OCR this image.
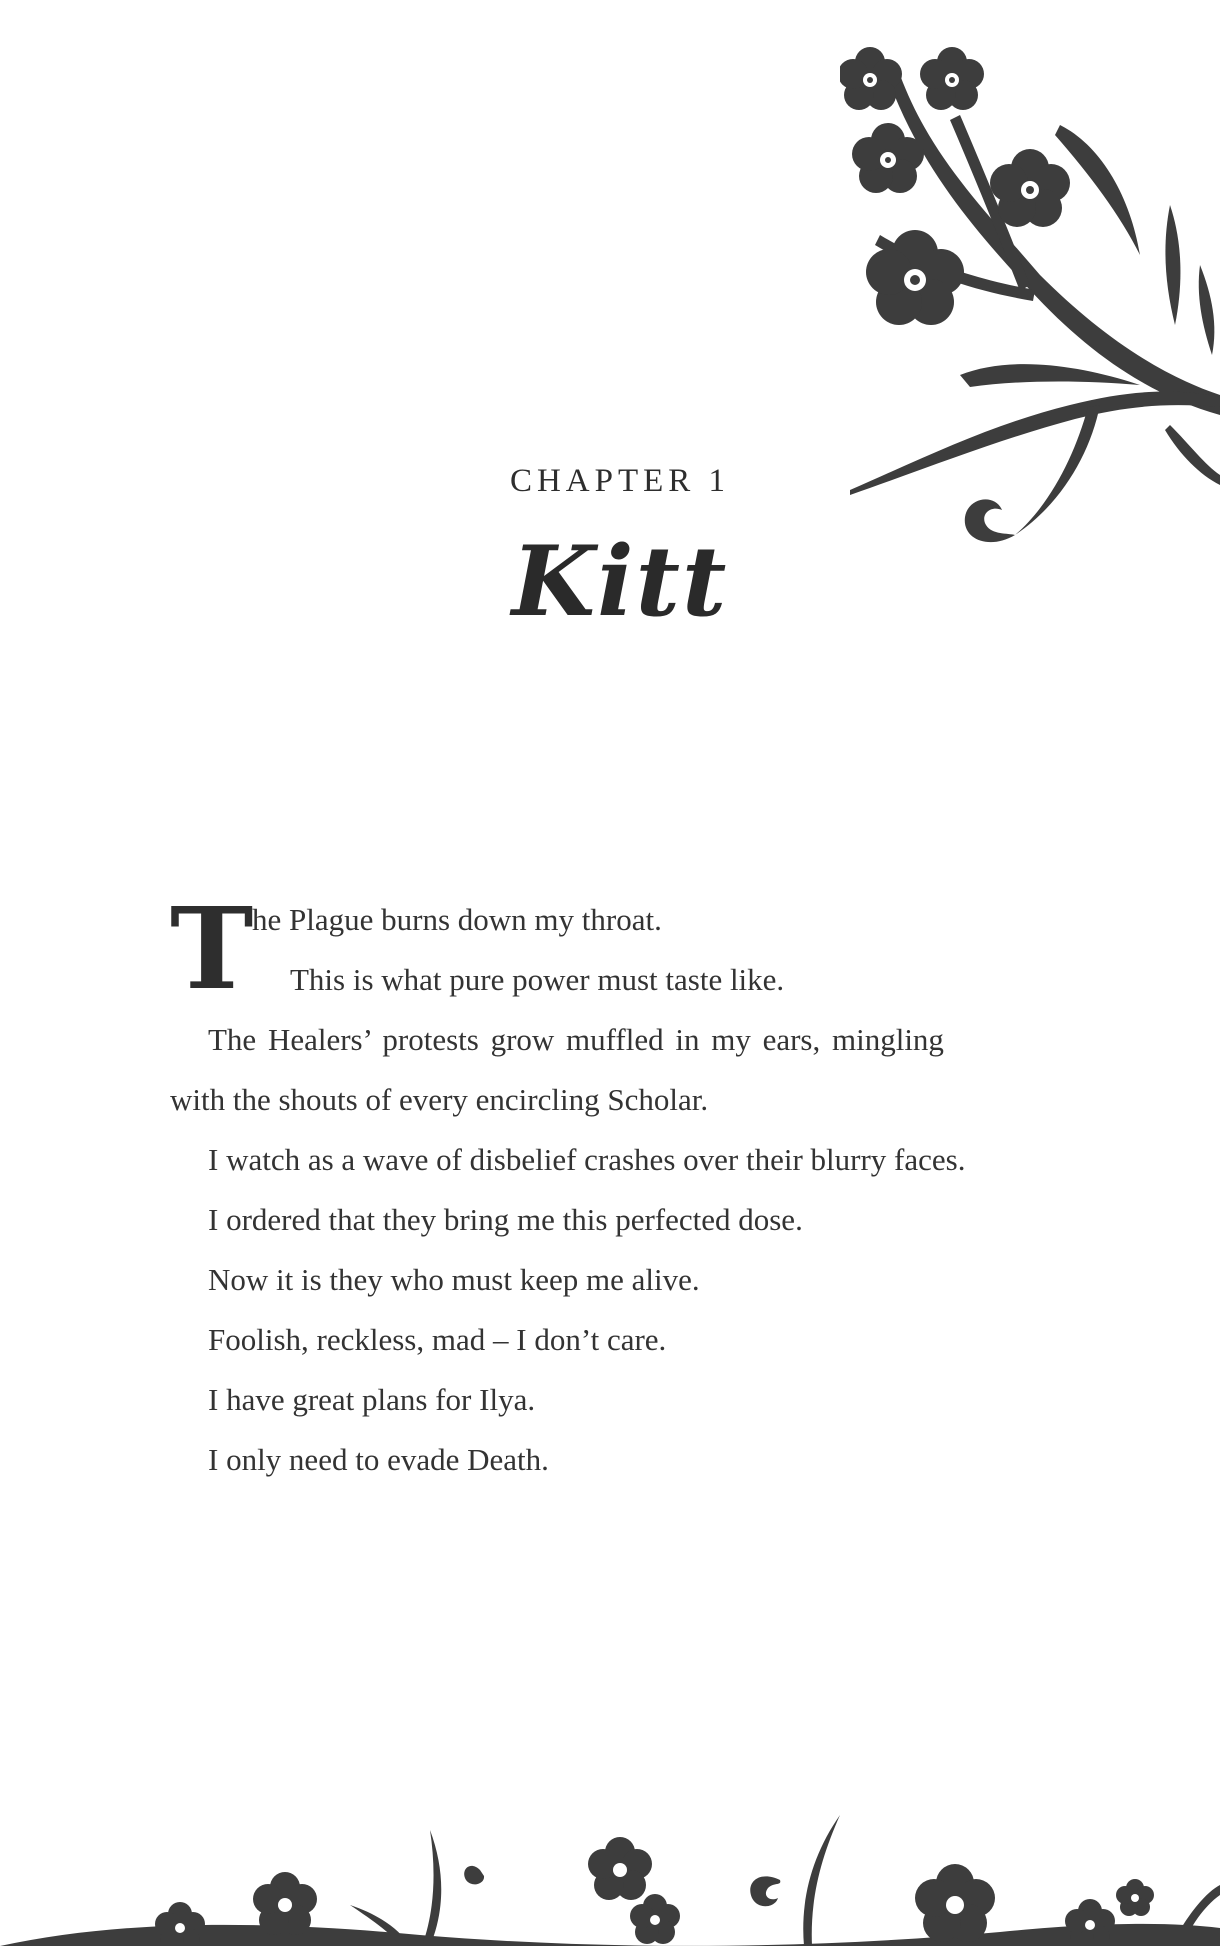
CHAPTER 1
Kitt
T
he Plague burns down my throat.
This is what pure power must taste like.
The Healers’ protests grow muffled in my ears, mingling
with the shouts of every encircling Scholar.
I watch as a wave of disbelief crashes over their blurry faces.
I ordered that they bring me this perfected dose.
Now it is they who must keep me alive.
Foolish, reckless, mad – I don’t care.
I have great plans for Ilya.
I only need to evade Death.
